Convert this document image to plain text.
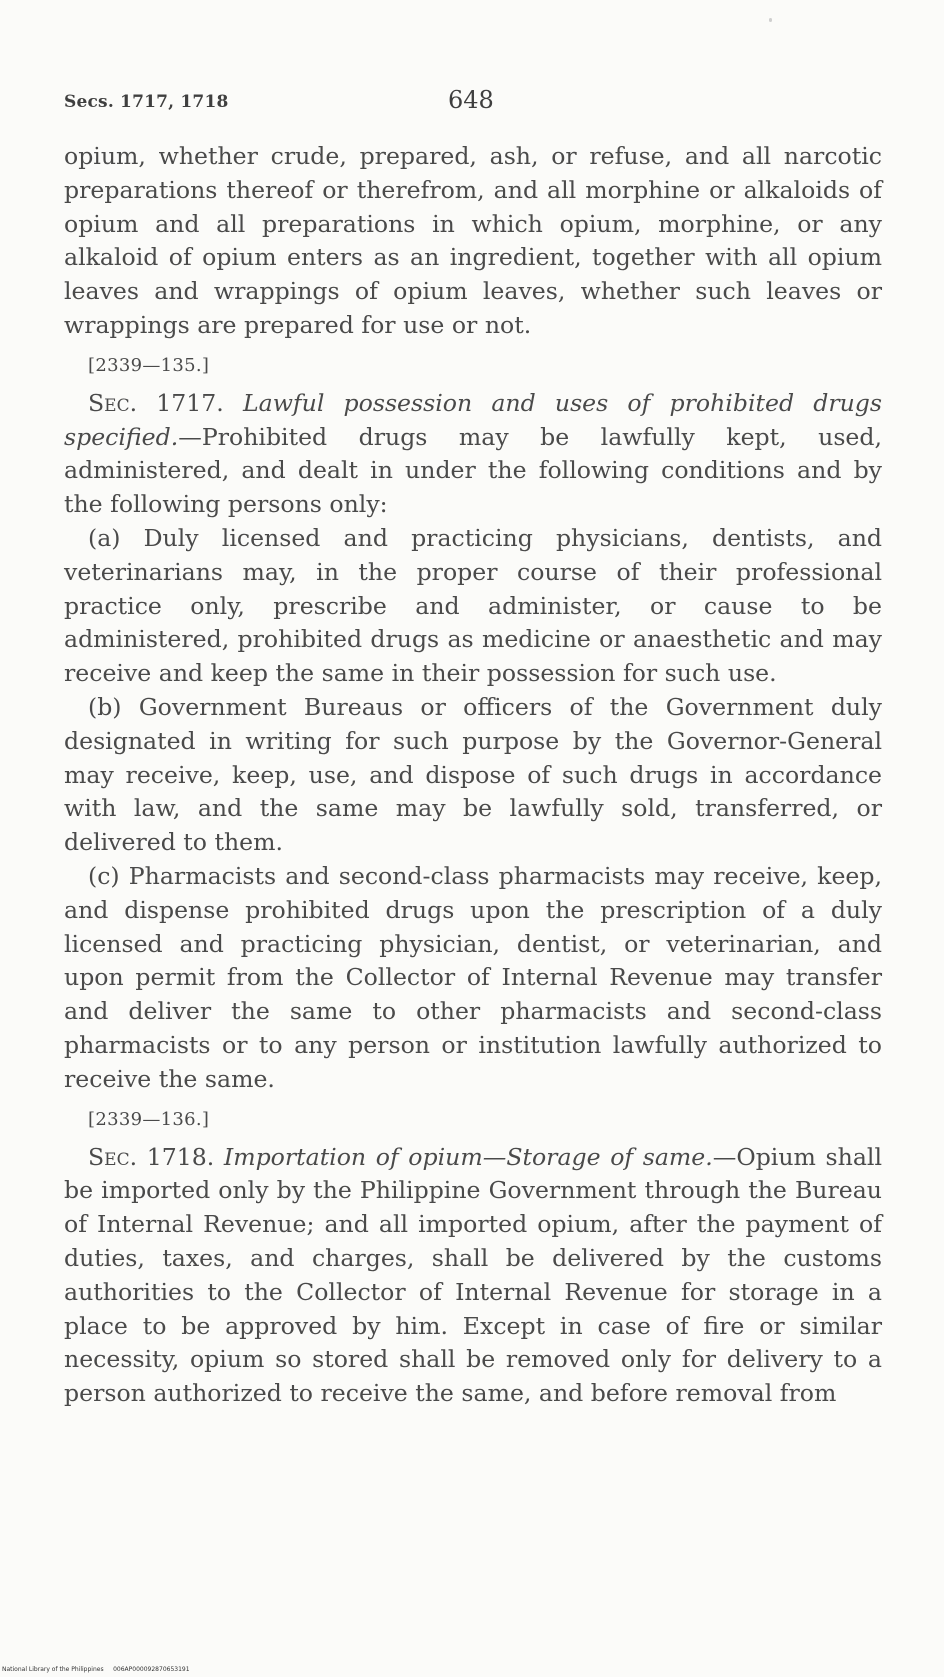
Secs. 1717, 1718	648

opium, whether crude, prepared, ash, or refuse, and all narcotic preparations thereof or therefrom, and all morphine or alkaloids of opium and all preparations in which opium, morphine, or any alkaloid of opium enters as an ingredient, together with all opium leaves and wrappings of opium leaves, whether such leaves or wrappings are prepared for use or not.

[2339—135.]

Sec. 1717. Lawful possession and uses of prohibited drugs specified.—Prohibited drugs may be lawfully kept, used, administered, and dealt in under the following conditions and by the following persons only:

(a) Duly licensed and practicing physicians, dentists, and veterinarians may, in the proper course of their professional practice only, prescribe and administer, or cause to be administered, prohibited drugs as medicine or anaesthetic and may receive and keep the same in their possession for such use.

(b) Government Bureaus or officers of the Government duly designated in writing for such purpose by the Governor-General may receive, keep, use, and dispose of such drugs in accordance with law, and the same may be lawfully sold, transferred, or delivered to them.

(c) Pharmacists and second-class pharmacists may receive, keep, and dispense prohibited drugs upon the prescription of a duly licensed and practicing physician, dentist, or veterinarian, and upon permit from the Collector of Internal Revenue may transfer and deliver the same to other pharmacists and second-class pharmacists or to any person or institution lawfully authorized to receive the same.

[2339—136.]

Sec. 1718. Importation of opium—Storage of same.—Opium shall be imported only by the Philippine Government through the Bureau of Internal Revenue; and all imported opium, after the payment of duties, taxes, and charges, shall be delivered by the customs authorities to the Collector of Internal Revenue for storage in a place to be approved by him. Except in case of fire or similar necessity, opium so stored shall be removed only for delivery to a person authorized to receive the same, and before removal from

National Library of the Philippines     006AP000092870653191
